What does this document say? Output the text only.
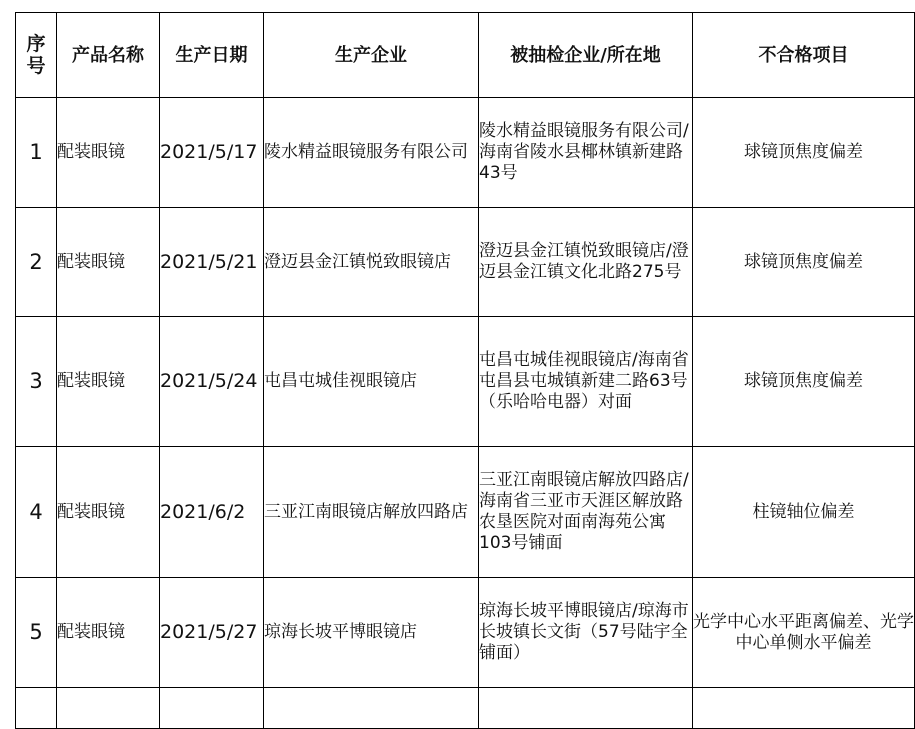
序号	产品名称	生产日期	生产企业	被抽检企业/所在地	不合格项目
1	配装眼镜	2021/5/17	陵水精益眼镜服务有限公司	陵水精益眼镜服务有限公司/海南省陵水县椰林镇新建路43号	球镜顶焦度偏差
2	配装眼镜	2021/5/21	澄迈县金江镇悦致眼镜店	澄迈县金江镇悦致眼镜店/澄迈县金江镇文化北路275号	球镜顶焦度偏差
3	配装眼镜	2021/5/24	屯昌屯城佳视眼镜店	屯昌屯城佳视眼镜店/海南省屯昌县屯城镇新建二路63号（乐哈哈电器）对面	球镜顶焦度偏差
4	配装眼镜	2021/6/2	三亚江南眼镜店解放四路店	三亚江南眼镜店解放四路店/海南省三亚市天涯区解放路农垦医院对面南海苑公寓103号铺面	柱镜轴位偏差
5	配装眼镜	2021/5/27	琼海长坡平博眼镜店	琼海长坡平博眼镜店/琼海市长坡镇长文街（57号陆宇全铺面）	光学中心水平距离偏差、光学中心单侧水平偏差
